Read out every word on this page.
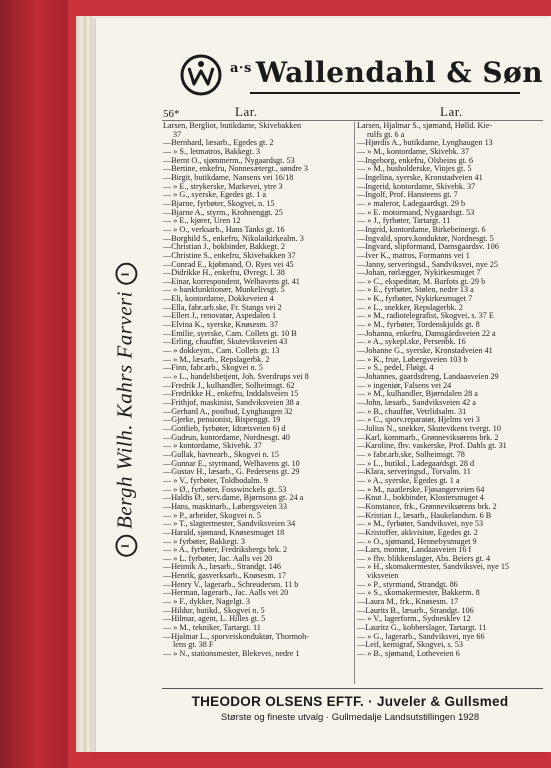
I Bergh Wilh. Kahrs Farveri I
$^{a\cdot s}$ Wallendahl & Søn
56*	Lar.	Lar.
Larsen, Bergliot, butikdame, Skivebakken
37
—Bernhard, læsarb., Egedes gt. 2
— » S., letmatros, Bakkegt. 3
—Bernt O., sjømmerm., Nygaardsgt. 53
—Bertine, enkefru, Nonnesætergt., søndre 3
—Birgit, butikdame, Nansens vei 16/18
— » E., strykerske, Markevei, ytre 3
— » G., syerske, Egedes gt. 1 a
—Bjarne, fyrbøter, Skogvei, n. 15
—Bjarne A., styrm., Krohnenggt. 25
— » E., kjører, Uren 12
— » O., verksarb., Hans Tanks gt. 16
—Borghild S., enkefru, Nikolaikirkealm. 3
—Christian J., bokbinder, Bakkegt. 2
—Christine S., enkefru, Skivebakken 37
—Conrad E., kjøbmand, O. Ryes vei 45
—Didrikke H., enkefru, Øvregt. l. 38
—Einar, korrespondent, Welhavens gt. 41
— » bankfunktionær, Munkelivsgt. 5
—Eli, kontordame, Dokkeveien 4
—Ella, fabr.arb.ske, Fr. Stangs vei 2
—Ellert J., renovatør, Aspedalen 1
—Elvina K., syerske, Knøsesm. 37
—Emilie, syerske, Cam. Collets gt. 10 B
—Erling, chauffør, Skuteviksveien 43
— » dokkeym., Cam. Collets gt. 13
— » M., læsarb., Repslagerbk. 2
—Finn, fabr.arb., Skogvei n. 5
— » L., handelsbetjent, Joh. Sverdrups vei 8
—Fredrik J., kulhandler, Solheimsgt. 62
—Fredrikke H., enkefru, Inddalsveien 15
—Frithjof, maskinist, Sandviksveien 38 a
—Gerhard A., postbud, Lynghaugen 32
—Gjerke, pensionist, Bispenggt. 19
—Gottlieb, fyrbøter, Idrætsveien 6) d
—Gudrun, kontordame, Nordnesgt. 40
— » kontordame, Skivebk. 37
—Gullak, havnearb., Skogvei n. 15
—Gunnar E., styrmand, Welhavens gt. 10
—Gustav H., læsarb., G. Pedersens gt. 29
— » V., fyrbøter, Toldbodalm. 9
— » Ø., fyrbøter, Fosswinckels gt. 53
—Haldis Ø., serv.dame, Bjørnsons gt. 24 a
—Hans, maskinarb., Løbergsveien 33
— » P., arbeider, Skogvei n. 5
— » T., slagtermester, Sandviksveien 34
—Harald, sjømand, Knøsesmuget 18
— » fyrbøter, Bakkegt. 3
— » A., fyrbøter, Fredriksbergs brk. 2
— » L. fyrbøter, Jac. Aalls vei 20
—Heimik A., læsarb., Strandgt. 146
—Henrik, gasverksarb., Knøsesm. 17
—Henry V., lagerarb., Schreudersm. 11 b
—Herman, lagerarb., Jac. Aalls vei 20
— » F., dykker, Nagelgt. 3
—Hildur, butikd., Skogvei n. 5
—Hilmar, agent, L. Hilles gt. 5
— » M., tekniker, Tartargt. 11
—Hjalmar L., sporveiskonduktør, Thormoh-
lens gt. 38 F
— » N., stationsmester, Blekevei, nedre 1
Larsen, Hjalmar S., sjømand, Hølld. Kie-
rulfs gt. 6 a
—Hjørdis A., butikdame, Lynghaugen 13
— » M., kontordame, Skivebk. 37
—Ingeborg, enkefru, Olsbeins gt. 6
— » M., husholderske, Vinjes gt. 5
—Ingelina, syerske, Kronstadveien 41
—Ingerid, kontordame, Skivebk. 37
—Ingolf, Prof. Hansteens gt. 7
— » maleror, Ladegaardsgt. 29 b
— » E. motormand, Nygaardsgt. 53
— » J., fyrbøter, Tartargt. 11
—Ingrid, kontordame, Birkebeinergt. 6
—Ingvald, sporv.konduktør, Nordnesgt. 5
—Ingvard, slipformand, Damsgaardsv. 106
—Iver K., matros, Formanns vei 1
—Janny, serveringsd., Sandviksvei, nye 25
—Johan, rørlægger, Nykirkesmuget 7
— » C., ekspeditør, M. Barfots gt. 29 b
— » E., fyrbøter, Stølen, nedre 13 a
— » K., fyrbøter, Nykirkesmuget 7
— » L., snekker, Repslagerbk. 2
— » M., radiotelegrafist, Skogvei, s. 37 E
— » M., fyrbøter, Tordenskjolds gt. 8
—Johanna, enkefru, Damsgårdsveien 22 a
— » A., sykepl.ske, Persenbk. 16
—Johanne G., syerske, Kronstadveien 41
— » K., frue, Løbergsveien 103 b
— » S., pedel, Fløigt. 4
—Johannes, gaardsdreng, Landaasveien 29
— » ingeniør, Falsens vei 24
— » M., kulhandler, Bjørndalen 28 a
—John, læsarb., Sandviksveien 42 a
— » B., chauffør, Vetrlidsalm. 31
— » C., sporv.reparatør, Hjelms vei 3
—Julius N., snekker, Skutevikens tvergt. 10
—Karl, kommarb., Grønneviksørens brk. 2
—Karoline, fhv. vaskerske, Prof. Dahls gt. 31
— » fabr.arb.ske, Solheimsgt. 78
— » L., butikd., Ladegaardsgt. 28 d
—Klara, serveringsd., Torvalm. 11
— » A., syerske, Egedes gt. 1 a
— » M., naatlerske, Fjøsangerveien 64
—Knut J., bokbinder, Klostersmuget 4
—Konstance, frk., Grønneviksørens brk. 2
—Kristian J., læsarb., Haukelandsm. 6 B
— » M., fyrbøter, Sandviksvei, nye 53
—Kristoffer, akkvisitør, Egedes gt. 2
— » O., sjømand, Hennebysmuget 9
—Lars, montør, Landaasveien 16 f
— » fhv. blikkenslager, Abs. Beiers gt. 4
— » H., skomakermester, Sandviksvei, nye 15
viksveien
— » P., styrmand, Strandgt. 86
— » S., skomakermester, Bakkerm. 8
—Laura M., frk., Knøsesm. 17
—Laurits B., læsarb., Strandgt. 106
— » V., lagerform., Sydnesklev 12
—Lauritz G., kobberslager, Tartargt. 11
— » G., lagerarb., Sandviksvei, nye 66
—Leif, kemigraf, Skogvei, s. 53
— » B., sjømand, Lotheveien 6
THEODOR OLSENS EFTF. · Juveler & Gullsmed
Største og fineste utvalg · Gullmedalje Landsutstillingen 1928
